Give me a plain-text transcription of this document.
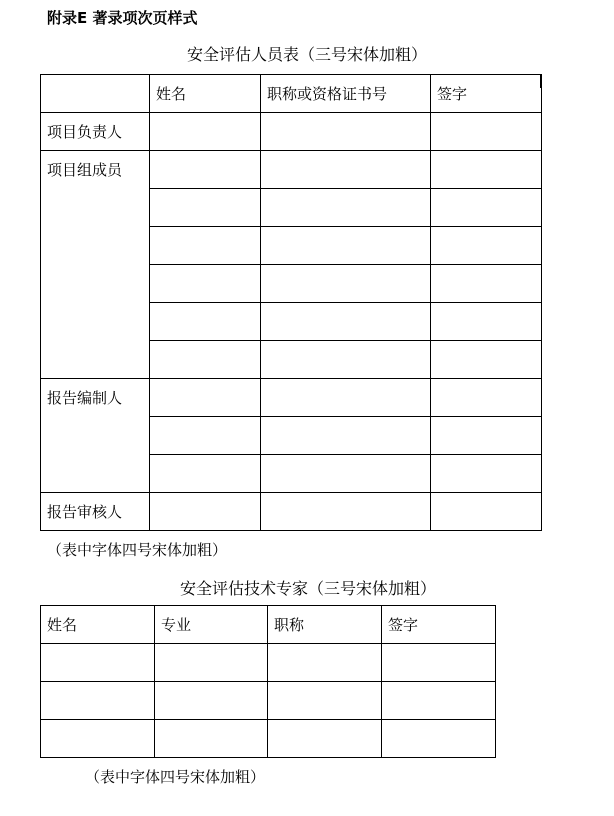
附录E 著录项次页样式
安全评估人员表（三号宋体加粗）
	姓名	职称或资格证书号	签字
项目负责人			
项目组成员			

报告编制人			

报告审核人			
（表中字体四号宋体加粗）
安全评估技术专家（三号宋体加粗）
姓名	专业	职称	签字

（表中字体四号宋体加粗）
